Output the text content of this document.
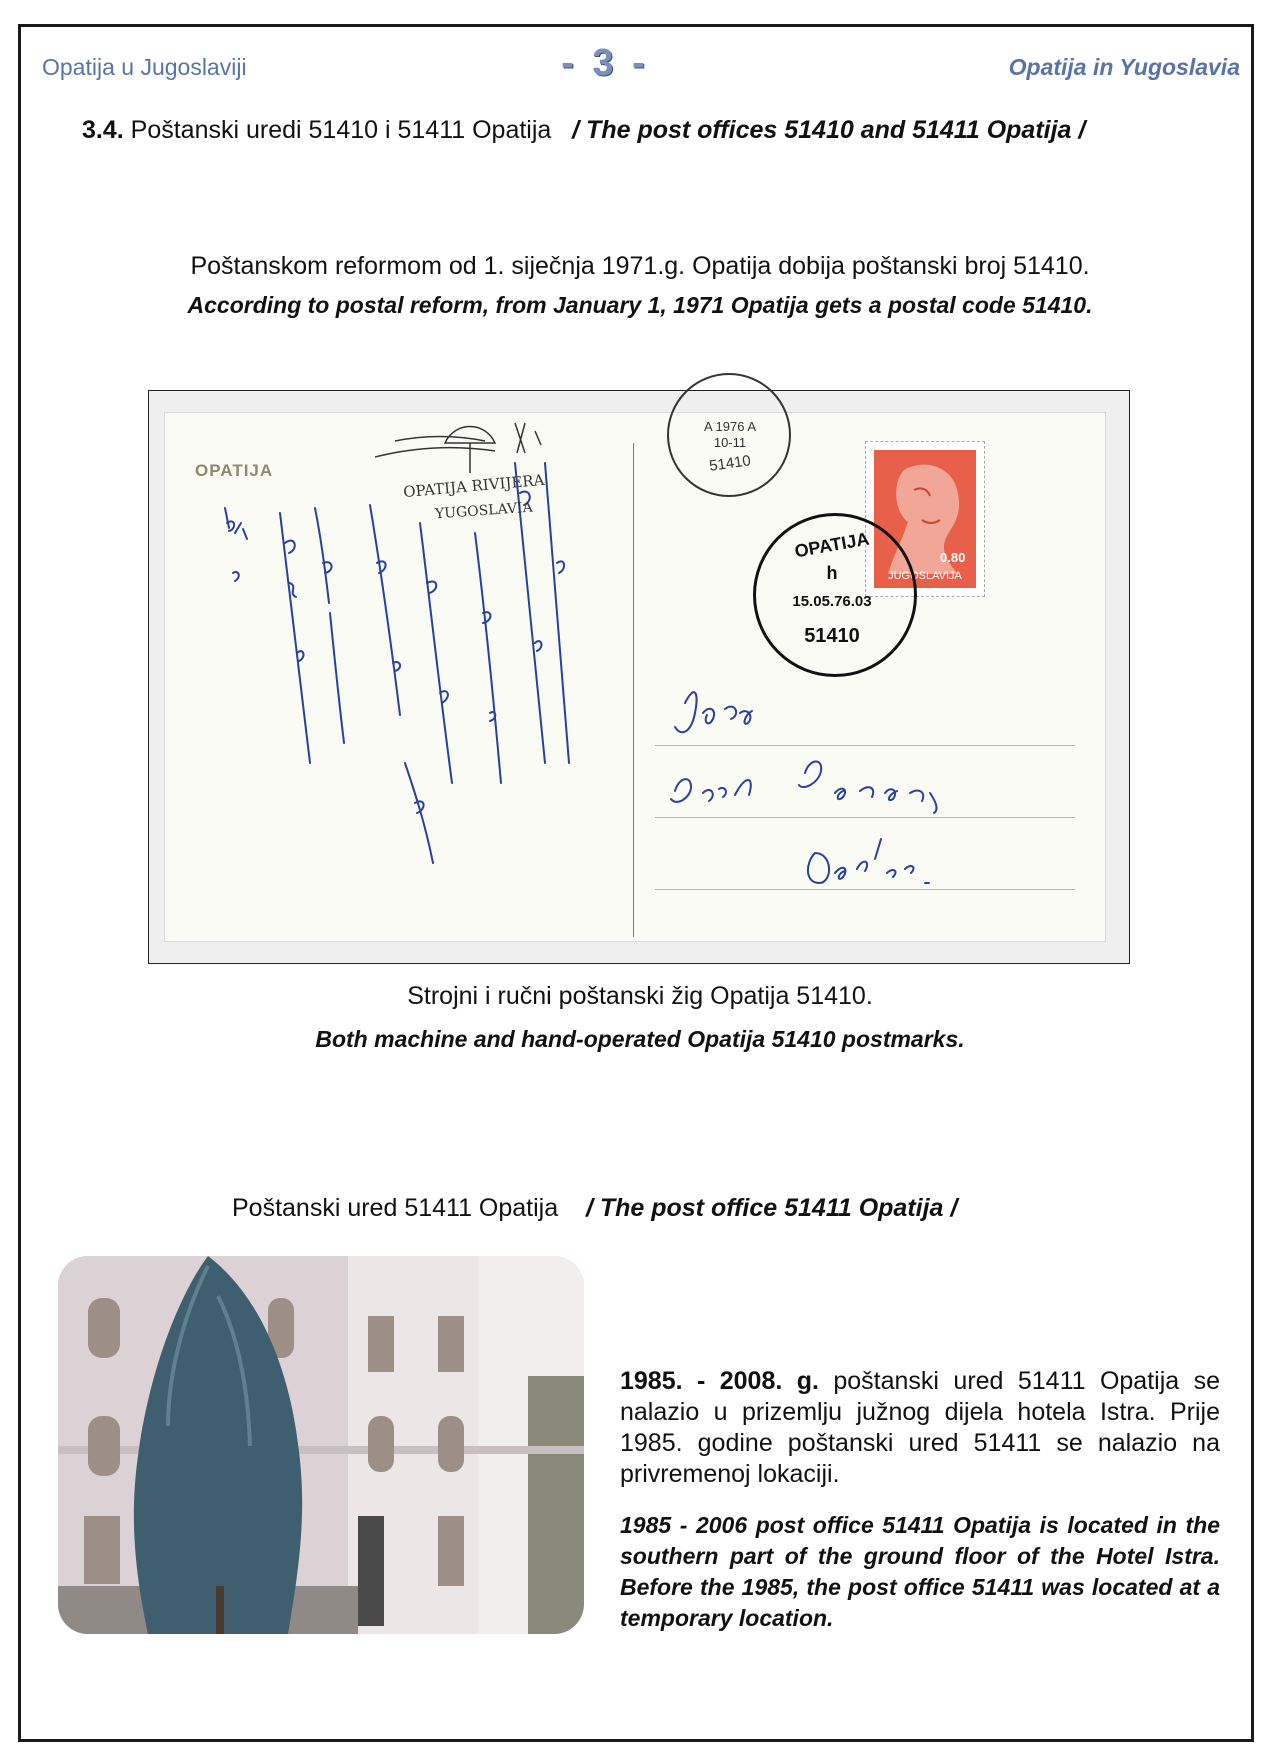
Opatija u Jugoslaviji	- 3 -	Opatija in Yugoslavia
3.4. Poštanski uredi 51410 i 51411 Opatija / The post offices 51410 and 51411 Opatija /
Poštanskom reformom od 1. siječnja 1971.g. Opatija dobija poštanski broj 51410.
According to postal reform, from January 1, 1971 Opatija gets a postal code 51410.
OPATIJA
OPATIJA RIVIJERA
YUGOSLAVIA
A 1976 A
10-11
51410
JUGOSLAVIJA
0.80
OPATIJA
h
15.05.76.03
51410
Strojni i ručni poštanski žig Opatija 51410.
Both machine and hand-operated Opatija 51410 postmarks.
Poštanski ured 51411 Opatija / The post office 51411 Opatija /
1985. - 2008. g. poštanski ured 51411 Opatija se nalazio u prizemlju južnog dijela hotela Istra. Prije 1985. godine poštanski ured 51411 se nalazio na privremenoj lokaciji.
1985 - 2006 post office 51411 Opatija is located in the southern part of the ground floor of the Hotel Istra. Before the 1985, the post office 51411 was located at a temporary location.
